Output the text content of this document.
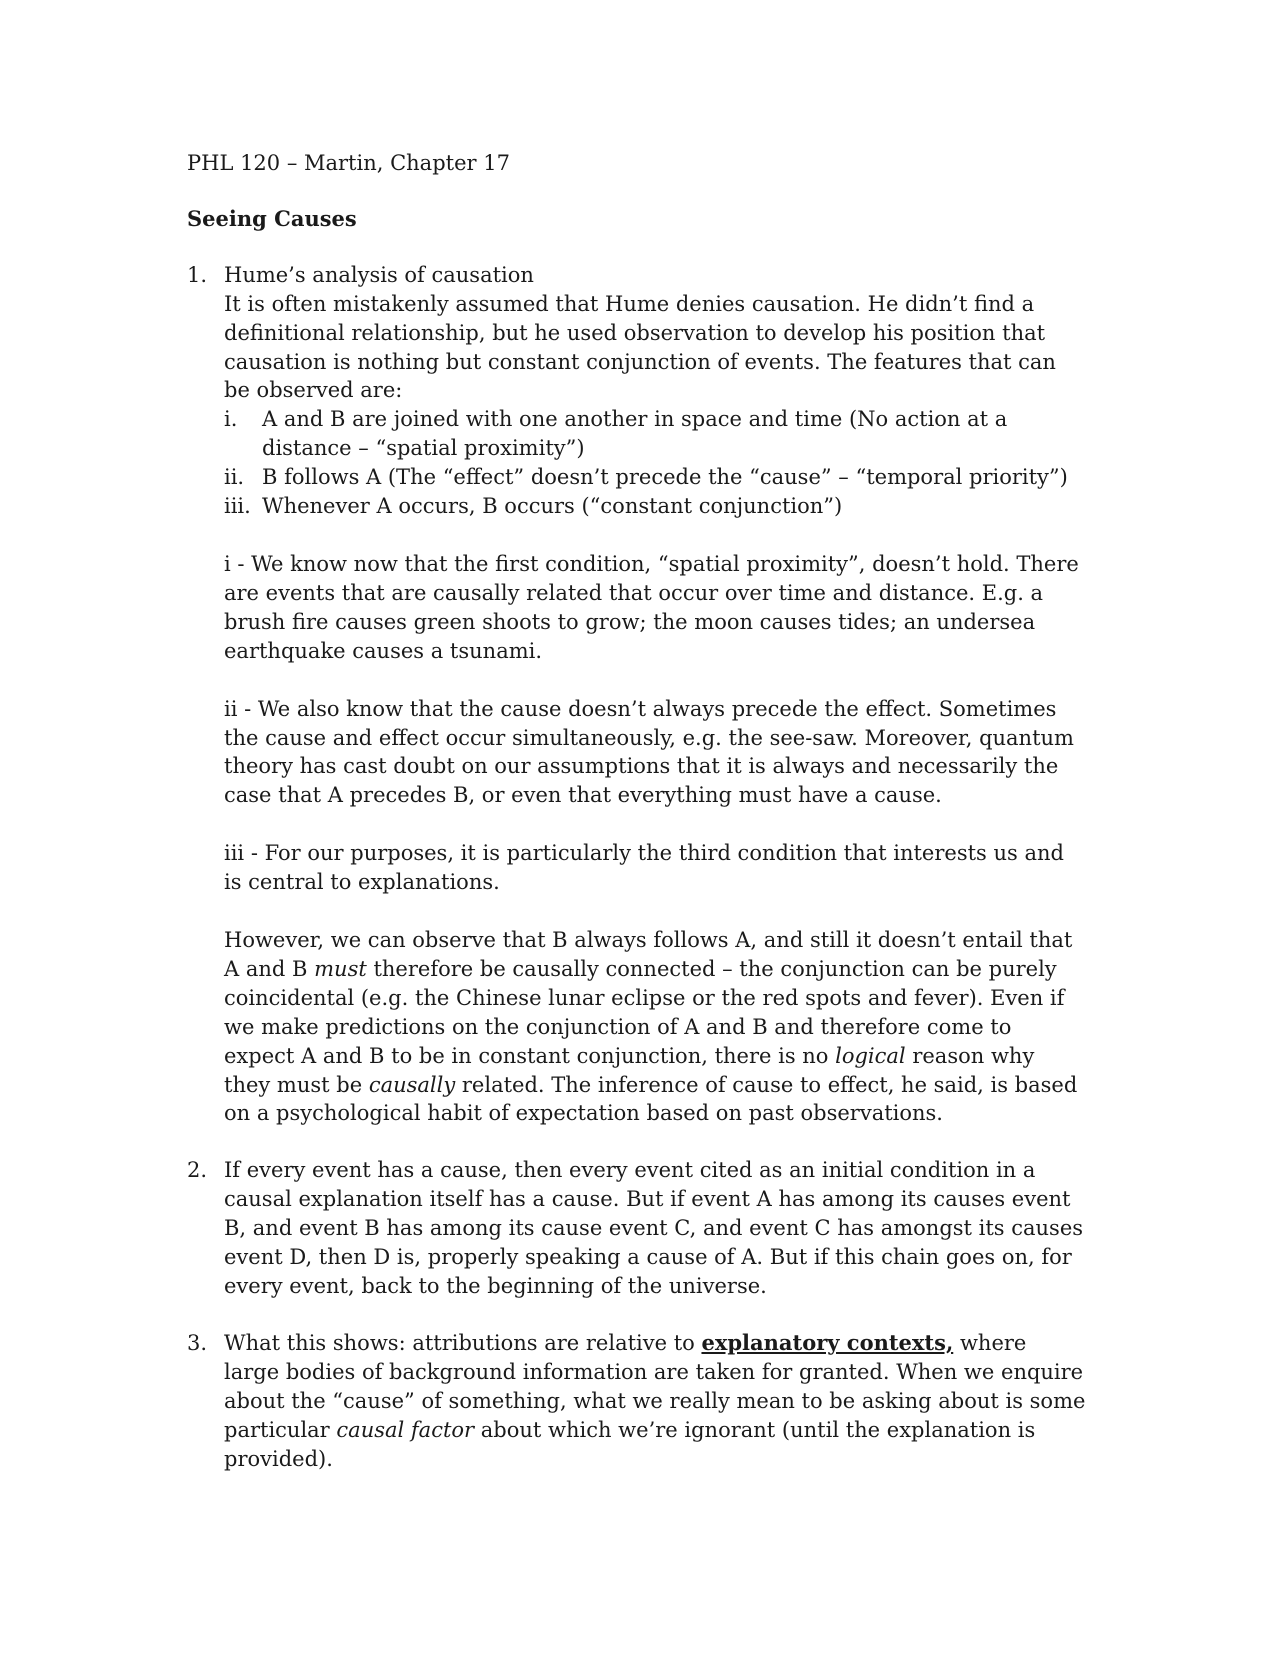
PHL 120 – Martin, Chapter 17
Seeing Causes
1. Hume’s analysis of causation
It is often mistakenly assumed that Hume denies causation. He didn’t find a definitional relationship, but he used observation to develop his position that causation is nothing but constant conjunction of events. The features that can be observed are:
i. A and B are joined with one another in space and time (No action at a distance – “spatial proximity”)
ii. B follows A (The “effect” doesn’t precede the “cause” – “temporal priority”)
iii. Whenever A occurs, B occurs (“constant conjunction”)
i - We know now that the first condition, “spatial proximity”, doesn’t hold. There are events that are causally related that occur over time and distance. E.g. a brush fire causes green shoots to grow; the moon causes tides; an undersea earthquake causes a tsunami.
ii - We also know that the cause doesn’t always precede the effect. Sometimes the cause and effect occur simultaneously, e.g. the see-saw. Moreover, quantum theory has cast doubt on our assumptions that it is always and necessarily the case that A precedes B, or even that everything must have a cause.
iii - For our purposes, it is particularly the third condition that interests us and is central to explanations.
However, we can observe that B always follows A, and still it doesn’t entail that A and B must therefore be causally connected – the conjunction can be purely coincidental (e.g. the Chinese lunar eclipse or the red spots and fever). Even if we make predictions on the conjunction of A and B and therefore come to expect A and B to be in constant conjunction, there is no logical reason why they must be causally related. The inference of cause to effect, he said, is based on a psychological habit of expectation based on past observations.
2. If every event has a cause, then every event cited as an initial condition in a causal explanation itself has a cause. But if event A has among its causes event B, and event B has among its cause event C, and event C has amongst its causes event D, then D is, properly speaking a cause of A. But if this chain goes on, for every event, back to the beginning of the universe.
3. What this shows: attributions are relative to explanatory contexts, where large bodies of background information are taken for granted. When we enquire about the “cause” of something, what we really mean to be asking about is some particular causal factor about which we’re ignorant (until the explanation is provided).
